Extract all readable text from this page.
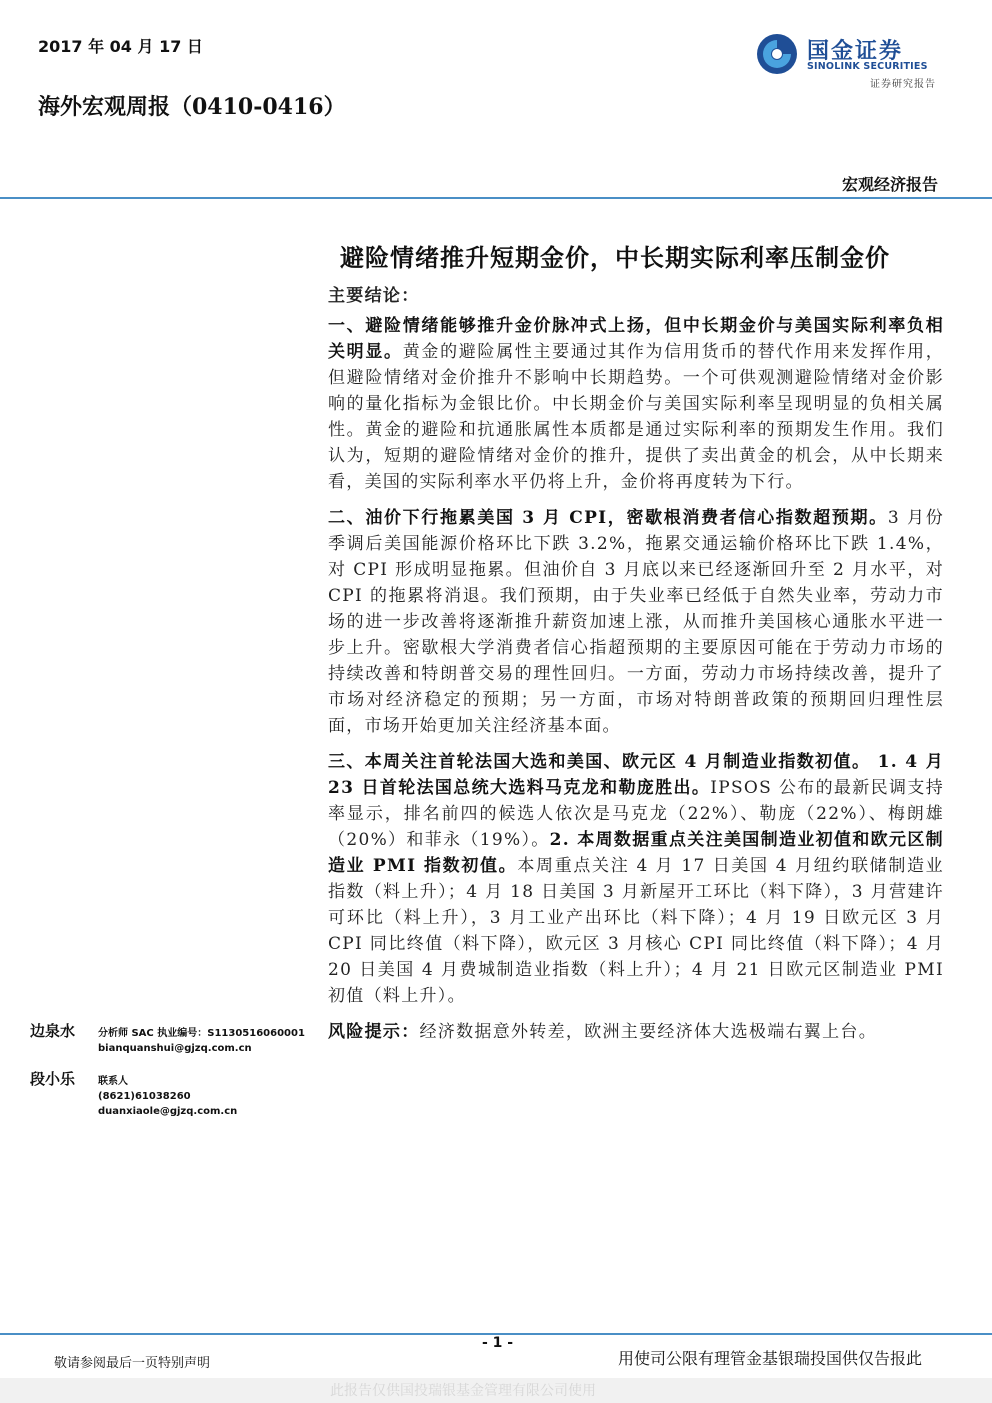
2017 年 04 月 17 日	国金证券
SINOLINK SECURITIES
证券研究报告
海外宏观周报（0410-0416）
宏观经济报告
避险情绪推升短期金价，中长期实际利率压制金价

主要结论：

一、避险情绪能够推升金价脉冲式上扬，但中长期金价与美国实际利率负相关明显。黄金的避险属性主要通过其作为信用货币的替代作用来发挥作用，但避险情绪对金价推升不影响中长期趋势。一个可供观测避险情绪对金价影响的量化指标为金银比价。中长期金价与美国实际利率呈现明显的负相关属性。黄金的避险和抗通胀属性本质都是通过实际利率的预期发生作用。我们认为，短期的避险情绪对金价的推升，提供了卖出黄金的机会，从中长期来看，美国的实际利率水平仍将上升，金价将再度转为下行。

二、油价下行拖累美国 3 月 CPI，密歇根消费者信心指数超预期。3 月份季调后美国能源价格环比下跌 3.2%，拖累交通运输价格环比下跌 1.4%，对 CPI 形成明显拖累。但油价自 3 月底以来已经逐渐回升至 2 月水平，对 CPI 的拖累将消退。我们预期，由于失业率已经低于自然失业率，劳动力市场的进一步改善将逐渐推升薪资加速上涨，从而推升美国核心通胀水平进一步上升。密歇根大学消费者信心指超预期的主要原因可能在于劳动力市场的持续改善和特朗普交易的理性回归。一方面，劳动力市场持续改善，提升了市场对经济稳定的预期；另一方面，市场对特朗普政策的预期回归理性层面，市场开始更加关注经济基本面。

三、本周关注首轮法国大选和美国、欧元区 4 月制造业指数初值。 1. 4 月 23 日首轮法国总统大选料马克龙和勒庞胜出。IPSOS 公布的最新民调支持率显示，排名前四的候选人依次是马克龙（22%）、勒庞（22%）、梅朗雄（20%）和菲永（19%）。2. 本周数据重点关注美国制造业初值和欧元区制造业 PMI 指数初值。本周重点关注 4 月 17 日美国 4 月纽约联储制造业指数（料上升）；4 月 18 日美国 3 月新屋开工环比（料下降），3 月营建许可环比（料上升），3 月工业产出环比（料下降）；4 月 19 日欧元区 3 月 CPI 同比终值（料下降），欧元区 3 月核心 CPI 同比终值（料下降）；4 月 20 日美国 4 月费城制造业指数（料上升）；4 月 21 日欧元区制造业 PMI 初值（料上升）。

风险提示：经济数据意外转差，欧洲主要经济体大选极端右翼上台。

边泉水 分析师 SAC 执业编号：S1130516060001
bianquanshui@gjzq.com.cn
段小乐 联系人
(8621)61038260
duanxiaole@gjzq.com.cn
- 1 -
敬请参阅最后一页特别声明	用使司公限有理管金基银瑞投国供仅告报此
此报告仅供国投瑞银基金管理有限公司使用
